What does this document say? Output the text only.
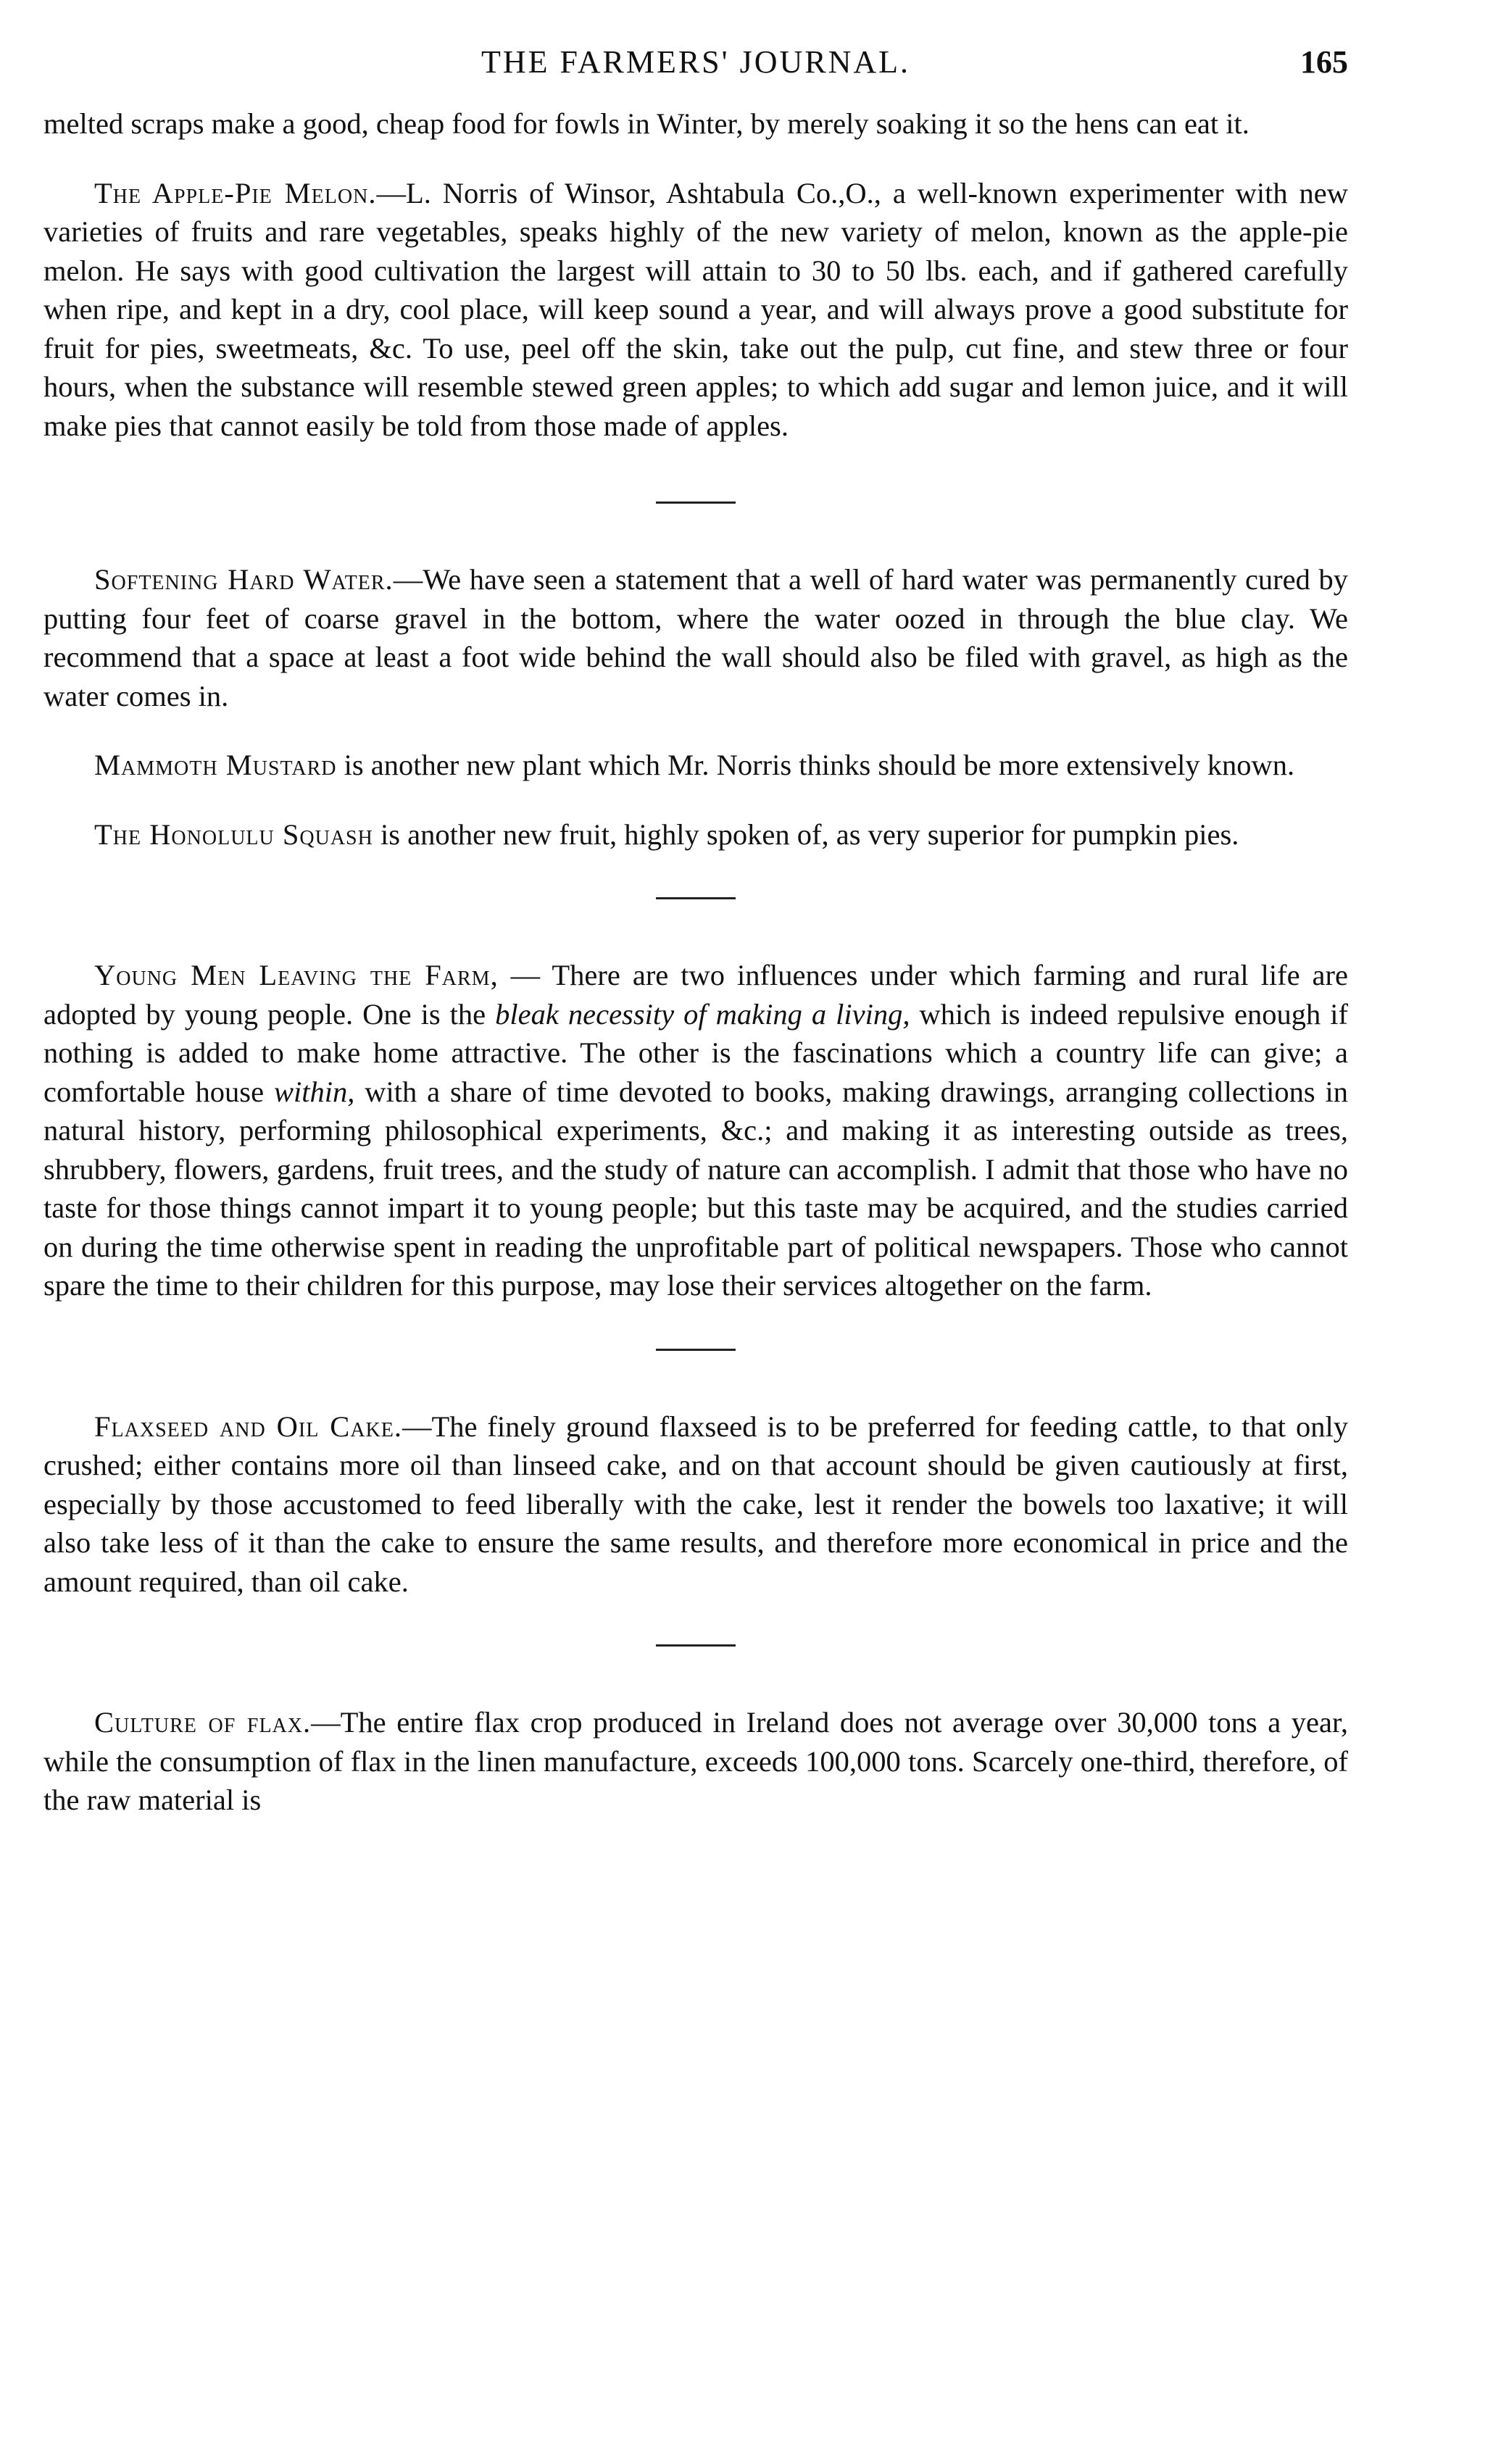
THE FARMERS' JOURNAL.	165

melted scraps make a good, cheap food for fowls in Winter, by merely soaking it so the hens can eat it.

The Apple-Pie Melon.—L. Norris of Winsor, Ashtabula Co.,O., a well-known experimenter with new varieties of fruits and rare vegetables, speaks highly of the new variety of melon, known as the apple-pie melon. He says with good cultivation the largest will attain to 30 to 50 lbs. each, and if gathered carefully when ripe, and kept in a dry, cool place, will keep sound a year, and will always prove a good substitute for fruit for pies, sweetmeats, &c. To use, peel off the skin, take out the pulp, cut fine, and stew three or four hours, when the substance will resemble stewed green apples; to which add sugar and lemon juice, and it will make pies that cannot easily be told from those made of apples.

Softening Hard Water.—We have seen a statement that a well of hard water was permanently cured by putting four feet of coarse gravel in the bottom, where the water oozed in through the blue clay. We recommend that a space at least a foot wide behind the wall should also be filed with gravel, as high as the water comes in.

Mammoth Mustard is another new plant which Mr. Norris thinks should be more extensively known.

The Honolulu Squash is another new fruit, highly spoken of, as very superior for pumpkin pies.

Young Men Leaving the Farm, — There are two influences under which farming and rural life are adopted by young people. One is the bleak necessity of making a living, which is indeed repulsive enough if nothing is added to make home attractive. The other is the fascinations which a country life can give; a comfortable house within, with a share of time devoted to books, making drawings, arranging collections in natural history, performing philosophical experiments, &c.; and making it as interesting outside as trees, shrubbery, flowers, gardens, fruit trees, and the study of nature can accomplish. I admit that those who have no taste for those things cannot impart it to young people; but this taste may be acquired, and the studies carried on during the time otherwise spent in reading the unprofitable part of political newspapers. Those who cannot spare the time to their children for this purpose, may lose their services altogether on the farm.

Flaxseed and Oil Cake.—The finely ground flaxseed is to be preferred for feeding cattle, to that only crushed; either contains more oil than linseed cake, and on that account should be given cautiously at first, especially by those accustomed to feed liberally with the cake, lest it render the bowels too laxative; it will also take less of it than the cake to ensure the same results, and therefore more economical in price and the amount required, than oil cake.

Culture of flax.—The entire flax crop produced in Ireland does not average over 30,000 tons a year, while the consumption of flax in the linen manufacture, exceeds 100,000 tons. Scarcely one-third, therefore, of the raw material is
